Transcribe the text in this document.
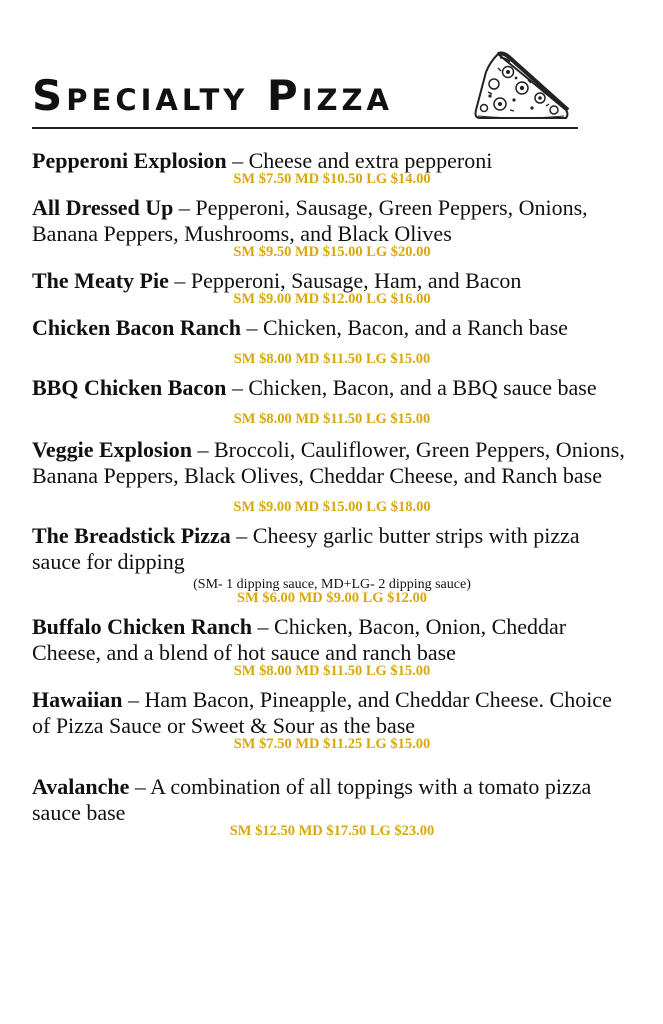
Specialty Pizza
Pepperoni Explosion – Cheese and extra pepperoni
SM $7.50 MD $10.50 LG $14.00
All Dressed Up – Pepperoni, Sausage, Green Peppers, Onions, Banana Peppers, Mushrooms, and Black Olives
SM $9.50 MD $15.00 LG $20.00
The Meaty Pie – Pepperoni, Sausage, Ham, and Bacon
SM $9.00 MD $12.00 LG $16.00
Chicken Bacon Ranch – Chicken, Bacon, and a Ranch base
SM $8.00 MD $11.50 LG $15.00
BBQ Chicken Bacon – Chicken, Bacon, and a BBQ sauce base
SM $8.00 MD $11.50 LG $15.00
Veggie Explosion – Broccoli, Cauliflower, Green Peppers, Onions, Banana Peppers, Black Olives, Cheddar Cheese, and Ranch base
SM $9.00 MD $15.00 LG $18.00
The Breadstick Pizza – Cheesy garlic butter strips with pizza sauce for dipping
(SM- 1 dipping sauce, MD+LG- 2 dipping sauce)
SM $6.00 MD $9.00 LG $12.00
Buffalo Chicken Ranch – Chicken, Bacon, Onion, Cheddar Cheese, and a blend of hot sauce and ranch base
SM $8.00 MD $11.50 LG $15.00
Hawaiian – Ham Bacon, Pineapple, and Cheddar Cheese. Choice of Pizza Sauce or Sweet & Sour as the base
SM $7.50 MD $11.25 LG $15.00
Avalanche – A combination of all toppings with a tomato pizza sauce base
SM $12.50 MD $17.50 LG $23.00
